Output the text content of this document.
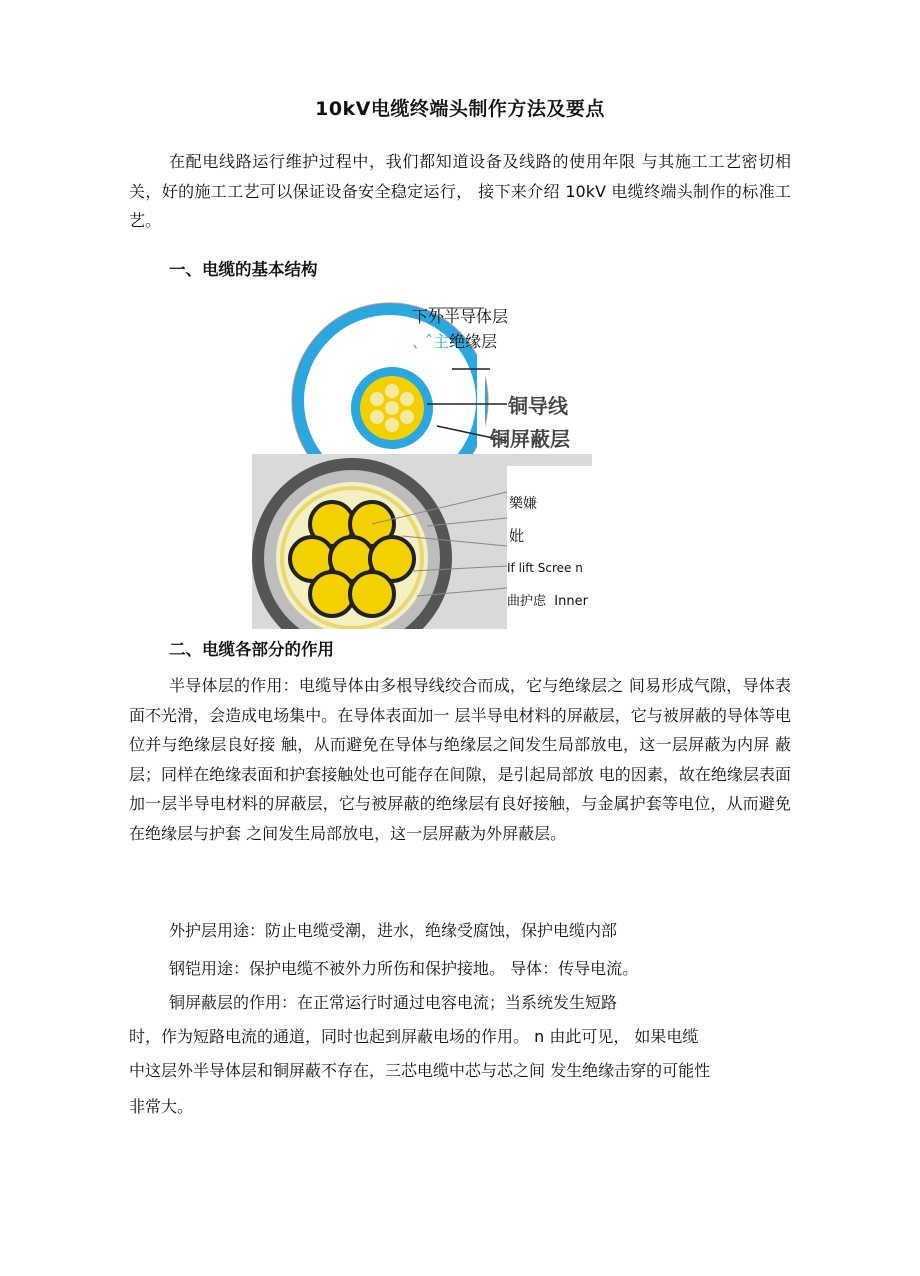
10kV电缆终端头制作方法及要点

在配电线路运行维护过程中，我们都知道设备及线路的使用年限 与其施工工艺密切相关，好的施工工艺可以保证设备安全稳定运行， 接下来介绍 10kV 电缆终端头制作的标准工艺。

一、电缆的基本结构
下外半导体层
、 ̂主绝缘层
铜导线
铜屏蔽层
樂嫌
妣
If lift Scree n
曲护虑 Inner
二、电缆各部分的作用

半导体层的作用：电缆导体由多根导线绞合而成，它与绝缘层之 间易形成气隙，导体表面不光滑，会造成电场集中。在导体表面加一 层半导电材料的屏蔽层，它与被屏蔽的导体等电位并与绝缘层良好接 触，从而避免在导体与绝缘层之间发生局部放电，这一层屏蔽为内屏 蔽层；同样在绝缘表面和护套接触处也可能存在间隙，是引起局部放 电的因素，故在绝缘层表面加一层半导电材料的屏蔽层，它与被屏蔽的绝缘层有良好接触，与金属护套等电位，从而避免在绝缘层与护套 之间发生局部放电，这一层屏蔽为外屏蔽层。

外护层用途：防止电缆受潮，进水，绝缘受腐蚀，保护电缆内部

钢铠用途：保护电缆不被外力所伤和保护接地。 导体：传导电流。

铜屏蔽层的作用：在正常运行时通过电容电流；当系统发生短路

时，作为短路电流的通道，同时也起到屏蔽电场的作用。 n 由此可见， 如果电缆

中这层外半导体层和铜屏蔽不存在，三芯电缆中芯与芯之间 发生绝缘击穿的可能性

非常大。
